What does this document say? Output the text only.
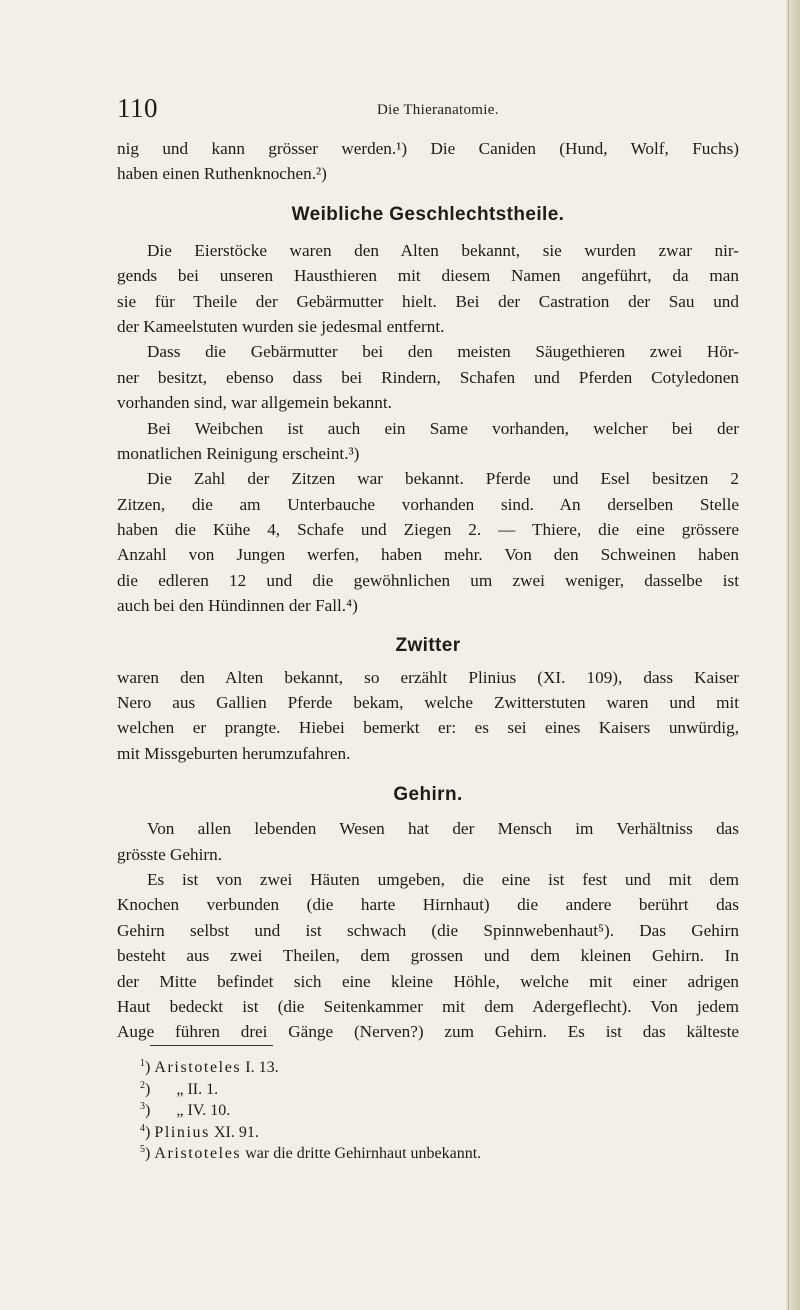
110	Die Thieranatomie.

nig und kann grösser werden.¹) Die Caniden (Hund, Wolf, Fuchs)

haben einen Ruthenknochen.²)

Weibliche Geschlechtstheile.

Die Eierstöcke waren den Alten bekannt, sie wurden zwar nir-

gends bei unseren Hausthieren mit diesem Namen angeführt, da man

sie für Theile der Gebärmutter hielt. Bei der Castration der Sau und

der Kameelstuten wurden sie jedesmal entfernt.

Dass die Gebärmutter bei den meisten Säugethieren zwei Hör-

ner besitzt, ebenso dass bei Rindern, Schafen und Pferden Cotyledonen

vorhanden sind, war allgemein bekannt.

Bei Weibchen ist auch ein Same vorhanden, welcher bei der

monatlichen Reinigung erscheint.³)

Die Zahl der Zitzen war bekannt. Pferde und Esel besitzen 2

Zitzen, die am Unterbauche vorhanden sind. An derselben Stelle

haben die Kühe 4, Schafe und Ziegen 2. — Thiere, die eine grössere

Anzahl von Jungen werfen, haben mehr. Von den Schweinen haben

die edleren 12 und die gewöhnlichen um zwei weniger, dasselbe ist

auch bei den Hündinnen der Fall.⁴)

Zwitter

waren den Alten bekannt, so erzählt Plinius (XI. 109), dass Kaiser

Nero aus Gallien Pferde bekam, welche Zwitterstuten waren und mit

welchen er prangte. Hiebei bemerkt er: es sei eines Kaisers unwürdig,

mit Missgeburten herumzufahren.

Gehirn.

Von allen lebenden Wesen hat der Mensch im Verhältniss das

grösste Gehirn.

Es ist von zwei Häuten umgeben, die eine ist fest und mit dem

Knochen verbunden (die harte Hirnhaut) die andere berührt das

Gehirn selbst und ist schwach (die Spinnwebenhaut⁵). Das Gehirn

besteht aus zwei Theilen, dem grossen und dem kleinen Gehirn. In

der Mitte befindet sich eine kleine Höhle, welche mit einer adrigen

Haut bedeckt ist (die Seitenkammer mit dem Adergeflecht). Von jedem

Auge führen drei Gänge (Nerven?) zum Gehirn. Es ist das kälteste

$^1$) Aristoteles I. 13.
$^2$) „ II. 1.
$^3$) „ IV. 10.
$^4$) Plinius XI. 91.
$^5$) Aristoteles war die dritte Gehirnhaut unbekannt.
